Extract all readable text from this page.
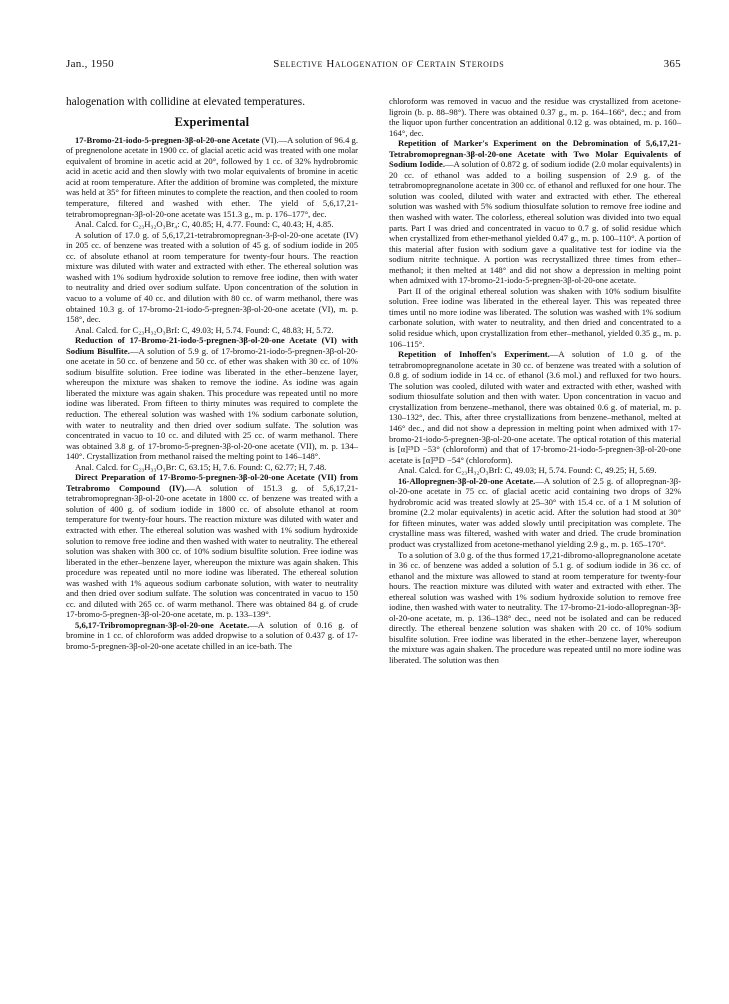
Jan., 1950	Selective Halogenation of Certain Steroids	365

halogenation with collidine at elevated temperatures.

Experimental

17-Bromo-21-iodo-5-pregnen-3β-ol-20-one Acetate (VI).—A solution of 96.4 g. of pregnenolone acetate in 1900 cc. of glacial acetic acid was treated with one molar equivalent of bromine in acetic acid at 20°, followed by 1 cc. of 32% hydrobromic acid in acetic acid and then slowly with two molar equivalents of bromine in acetic acid at room temperature. After the addition of bromine was completed, the mixture was held at 35° for fifteen minutes to complete the reaction, and then cooled to room temperature, filtered and washed with ether. The yield of 5,6,17,21-tetrabromopregnan-3β-ol-20-one acetate was 151.3 g., m. p. 176–177°, dec.

Anal. Calcd. for C₂₃H₃₂O₃Br₄: C, 40.85; H, 4.77. Found: C, 40.43; H, 4.85.

A solution of 17.0 g. of 5,6,17,21-tetrabromopregnan-3-β-ol-20-one acetate (IV) in 205 cc. of benzene was treated with a solution of 45 g. of sodium iodide in 205 cc. of absolute ethanol at room temperature for twenty-four hours. The reaction mixture was diluted with water and extracted with ether. The ethereal solution was washed with 1% sodium hydroxide solution to remove free iodine, then with water to neutrality and dried over sodium sulfate. Upon concentration of the solution in vacuo to a volume of 40 cc. and dilution with 80 cc. of warm methanol, there was obtained 10.3 g. of 17-bromo-21-iodo-5-pregnen-3β-ol-20-one acetate (VI), m. p. 158°, dec.

Anal. Calcd. for C₂₃H₃₂O₃BrI: C, 49.03; H, 5.74. Found: C, 48.83; H, 5.72.

Reduction of 17-Bromo-21-iodo-5-pregnen-3β-ol-20-one Acetate (VI) with Sodium Bisulfite.—A solution of 5.9 g. of 17-bromo-21-iodo-5-pregnen-3β-ol-20-one acetate in 50 cc. of benzene and 50 cc. of ether was shaken with 30 cc. of 10% sodium bisulfite solution. Free iodine was liberated in the ether–benzene layer, whereupon the mixture was shaken to remove the iodine. As iodine was again liberated the mixture was again shaken. This procedure was repeated until no more iodine was liberated. From fifteen to thirty minutes was required to complete the reduction. The ethereal solution was washed with 1% sodium carbonate solution, with water to neutrality and then dried over sodium sulfate. The solution was concentrated in vacuo to 10 cc. and diluted with 25 cc. of warm methanol. There was obtained 3.8 g. of 17-bromo-5-pregnen-3β-ol-20-one acetate (VII), m. p. 134–140°. Crystallization from methanol raised the melting point to 146–148°.

Anal. Calcd. for C₂₃H₃₃O₃Br: C, 63.15; H, 7.6. Found: C, 62.77; H, 7.48.

Direct Preparation of 17-Bromo-5-pregnen-3β-ol-20-one Acetate (VII) from Tetrabromo Compound (IV).—A solution of 151.3 g. of 5,6,17,21-tetrabromopregnan-3β-ol-20-one acetate in 1800 cc. of benzene was treated with a solution of 400 g. of sodium iodide in 1800 cc. of absolute ethanol at room temperature for twenty-four hours. The reaction mixture was diluted with water and extracted with ether. The ethereal solution was washed with 1% sodium hydroxide solution to remove free iodine and then washed with water to neutrality. The ethereal solution was shaken with 300 cc. of 10% sodium bisulfite solution. Free iodine was liberated in the ether–benzene layer, whereupon the mixture was again shaken. This procedure was repeated until no more iodine was liberated. The ethereal solution was washed with 1% aqueous sodium carbonate solution, with water to neutrality and then dried over sodium sulfate. The solution was concentrated in vacuo to 150 cc. and diluted with 265 cc. of warm methanol. There was obtained 84 g. of crude 17-bromo-5-pregnen-3β-ol-20-one acetate, m. p. 133–139°.

5,6,17-Tribromopregnan-3β-ol-20-one Acetate.—A solution of 0.16 g. of bromine in 1 cc. of chloroform was added dropwise to a solution of 0.437 g. of 17-bromo-5-pregnen-3β-ol-20-one acetate chilled in an ice-bath. The

chloroform was removed in vacuo and the residue was crystallized from acetone-ligroin (b. p. 88–98°). There was obtained 0.37 g., m. p. 164–166°, dec.; and from the liquor upon further concentration an additional 0.12 g. was obtained, m. p. 160–164°, dec.

Repetition of Marker's Experiment on the Debromination of 5,6,17,21-Tetrabromopregnan-3β-ol-20-one Acetate with Two Molar Equivalents of Sodium Iodide.—A solution of 0.872 g. of sodium iodide (2.0 molar equivalents) in 20 cc. of ethanol was added to a boiling suspension of 2.9 g. of the tetrabromopregnanolone acetate in 300 cc. of ethanol and refluxed for one hour. The solution was cooled, diluted with water and extracted with ether. The ethereal solution was washed with 5% sodium thiosulfate solution to remove free iodine and then washed with water. The colorless, ethereal solution was divided into two equal parts. Part I was dried and concentrated in vacuo to 0.7 g. of solid residue which when crystallized from ether-methanol yielded 0.47 g., m. p. 100–110°. A portion of this material after fusion with sodium gave a qualitative test for iodine via the sodium nitrite technique. A portion was recrystallized three times from ether–methanol; it then melted at 148° and did not show a depression in melting point when admixed with 17-bromo-21-iodo-5-pregnen-3β-ol-20-one acetate.

Part II of the original ethereal solution was shaken with 10% sodium bisulfite solution. Free iodine was liberated in the ethereal layer. This was repeated three times until no more iodine was liberated. The solution was washed with 1% sodium carbonate solution, with water to neutrality, and then dried and concentrated to a solid residue which, upon crystallization from ether–methanol, yielded 0.35 g., m. p. 106–115°.

Repetition of Inhoffen's Experiment.—A solution of 1.0 g. of the tetrabromopregnanolone acetate in 30 cc. of benzene was treated with a solution of 0.8 g. of sodium iodide in 14 cc. of ethanol (3.6 mol.) and refluxed for two hours. The solution was cooled, diluted with water and extracted with ether, washed with sodium thiosulfate solution and then with water. Upon concentration in vacuo and crystallization from benzene–methanol, there was obtained 0.6 g. of material, m. p. 130–132°, dec. This, after three crystallizations from benzene–methanol, melted at 146° dec., and did not show a depression in melting point when admixed with 17-bromo-21-iodo-5-pregnen-3β-ol-20-one acetate. The optical rotation of this material is [α]²⁵D −53° (chloroform) and that of 17-bromo-21-iodo-5-pregnen-3β-ol-20-one acetate is [α]²⁵D −54° (chloroform).

Anal. Calcd. for C₂₃H₃₂O₃BrI: C, 49.03; H, 5.74. Found: C, 49.25; H, 5.69.

16-Allopregnen-3β-ol-20-one Acetate.—A solution of 2.5 g. of allopregnan-3β-ol-20-one acetate in 75 cc. of glacial acetic acid containing two drops of 32% hydrobromic acid was treated slowly at 25–30° with 15.4 cc. of a 1 M solution of bromine (2.2 molar equivalents) in acetic acid. After the solution had stood at 30° for fifteen minutes, water was added slowly until precipitation was complete. The crystalline mass was filtered, washed with water and dried. The crude bromination product was crystallized from acetone-methanol yielding 2.9 g., m. p. 165–170°.

To a solution of 3.0 g. of the thus formed 17,21-dibromo-allopregnanolone acetate in 36 cc. of benzene was added a solution of 5.1 g. of sodium iodide in 36 cc. of ethanol and the mixture was allowed to stand at room temperature for twenty-four hours. The reaction mixture was diluted with water and extracted with ether. The ethereal solution was washed with 1% sodium hydroxide solution to remove free iodine, then washed with water to neutrality. The 17-bromo-21-iodo-allopregnan-3β-ol-20-one acetate, m. p. 136–138° dec., need not be isolated and can be reduced directly. The ethereal benzene solution was shaken with 20 cc. of 10% sodium bisulfite solution. Free iodine was liberated in the ether–benzene layer, whereupon the mixture was again shaken. The procedure was repeated until no more iodine was liberated. The solution was then
